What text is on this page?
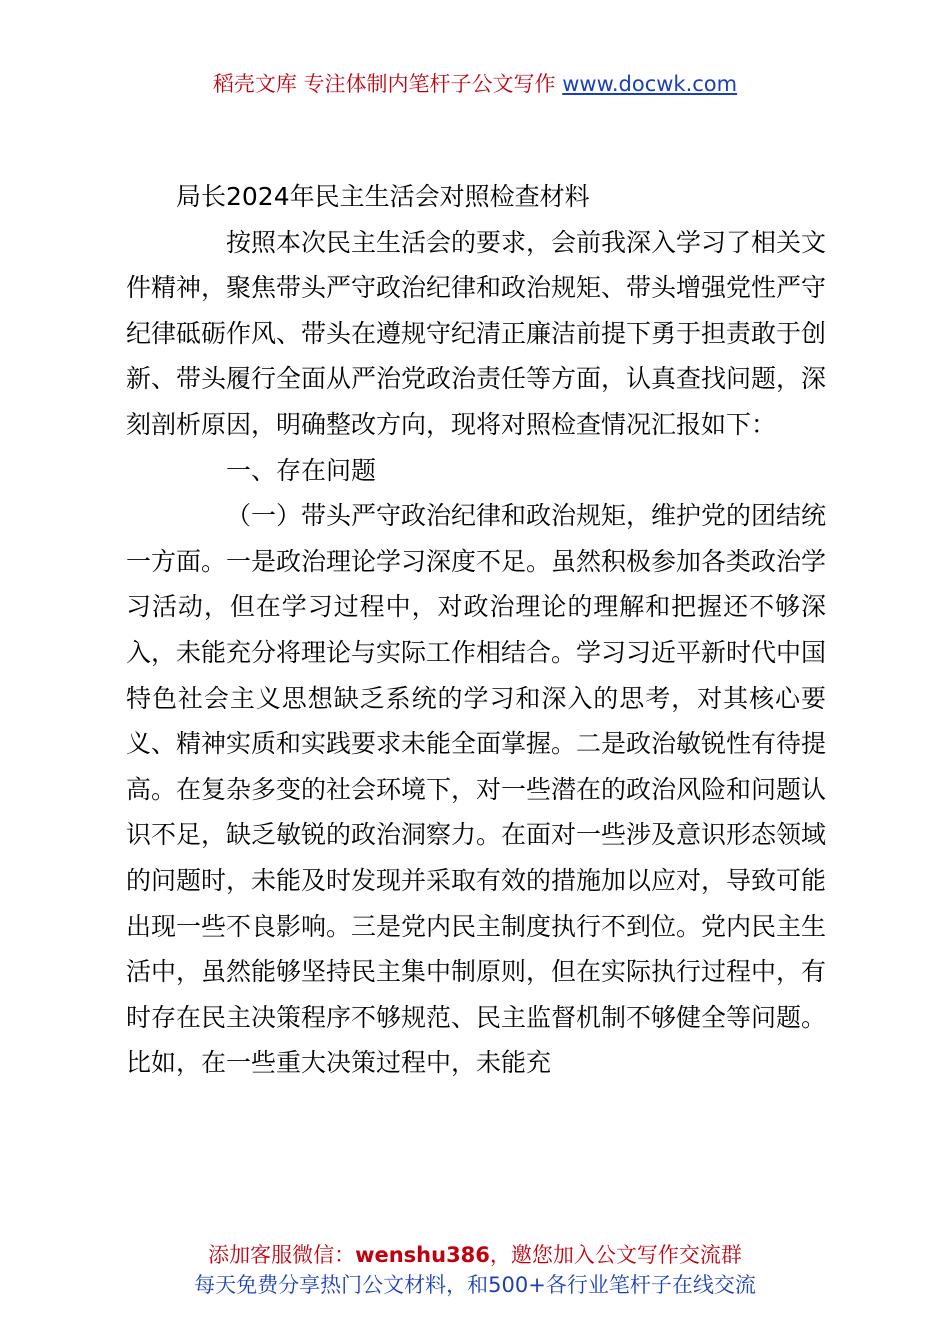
稻壳文库 专注体制内笔杆子公文写作 www.docwk.com
局长2024年民主生活会对照检查材料

按照本次民主生活会的要求，会前我深入学习了相关文件精神，聚焦带头严守政治纪律和政治规矩、带头增强党性严守纪律砥砺作风、带头在遵规守纪清正廉洁前提下勇于担责敢于创新、带头履行全面从严治党政治责任等方面，认真查找问题，深刻剖析原因，明确整改方向，现将对照检查情况汇报如下：

一、存在问题

（一）带头严守政治纪律和政治规矩，维护党的团结统一方面。一是政治理论学习深度不足。虽然积极参加各类政治学习活动，但在学习过程中，对政治理论的理解和把握还不够深入，未能充分将理论与实际工作相结合。学习习近平新时代中国特色社会主义思想缺乏系统的学习和深入的思考，对其核心要义、精神实质和实践要求未能全面掌握。二是政治敏锐性有待提高。在复杂多变的社会环境下，对一些潜在的政治风险和问题认识不足，缺乏敏锐的政治洞察力。在面对一些涉及意识形态领域的问题时，未能及时发现并采取有效的措施加以应对，导致可能出现一些不良影响。三是党内民主制度执行不到位。党内民主生活中，虽然能够坚持民主集中制原则，但在实际执行过程中，有时存在民主决策程序不够规范、民主监督机制不够健全等问题。比如，在一些重大决策过程中，未能充

添加客服微信：wenshu386，邀您加入公文写作交流群
每天免费分享热门公文材料，和500+各行业笔杆子在线交流
